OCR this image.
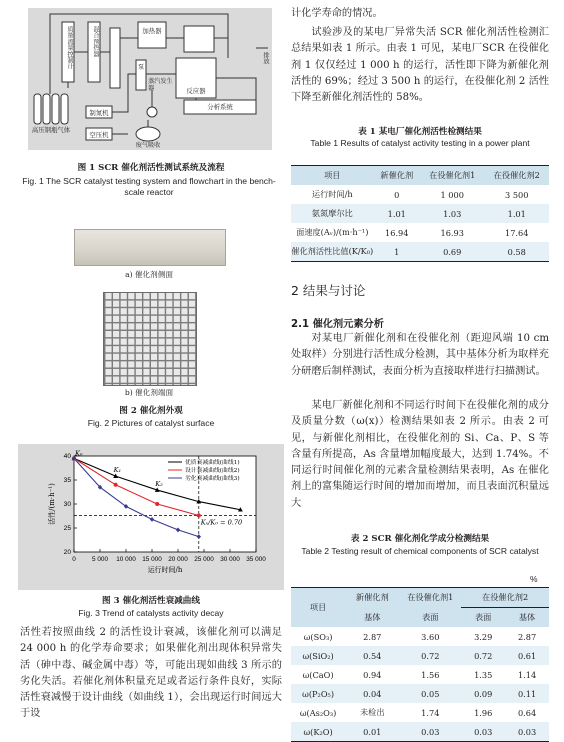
高压钢瓶气体
质量流量控制计	混合预热器
制氮机
空压机
加热器
蒸汽发生器
泵
反应器
废气吸收
分析系统
排放
图 1 SCR 催化剂活性测试系统及流程
Fig. 1 The SCR catalyst testing system and flowchart in the bench-scale reactor
a) 催化剂侧面
b) 催化剂端面
图 2 催化剂外观
Fig. 2 Pictures of catalyst surface
0	5 000 10 000 15 000 20 000 25 000 30 000 35 000
20
25
30
35
40
运行时间/h
活性/(m·h⁻¹)
优质衰减曲线(曲线1)
设计衰减曲线(曲线2)
劣化衰减曲线(曲线3)
K₀
K₁
K₂
Kₓ/K₀ = 0.70
图 3 催化剂活性衰减曲线
Fig. 3 Trend of catalysts activity decay
活性若按照曲线 2 的活性设计衰减，该催化剂可以满足 24 000 h 的化学寿命要求；如果催化剂出现体积异常失活（砷中毒、碱金属中毒）等，可能出现如曲线 3 所示的劣化失活。若催化剂体积量充足或者运行条件良好，实际活性衰减慢于设计曲线（如曲线 1），会出现运行时间远大于设
计化学寿命的情况。
试验涉及的某电厂异常失活 SCR 催化剂活性检测汇总结果如表 1 所示。由表 1 可见，某电厂SCR 在役催化剂 1 仅仅经过 1 000 h 的运行，活性即下降为新催化剂活性的 69%；经过 3 500 h 的运行，在役催化剂 2 活性下降至新催化剂活性的 58%。
表 1 某电厂催化剂活性检测结果
Table 1 Results of catalyst activity testing in a power plant
项目	新催化剂	在役催化剂1	在役催化剂2
运行时间/h	0	1 000	3 500
氨氮摩尔比	1.01	1.03	1.01
面速度(Aᵥ)/(m·h⁻¹)	16.94	16.93	17.64
催化剂活性比值(K/K₀)	1	0.69	0.58
2 结果与讨论
2.1 催化剂元素分析
对某电厂新催化剂和在役催化剂（距迎风端 10 cm 处取样）分别进行活性成分检测，其中基体分析为取样充分研磨后制样测试，表面分析为直接取样进行扫描测试。
某电厂新催化剂和不同运行时间下在役催化剂的成分及质量分数（ω(x)）检测结果如表 2 所示。由表 2 可见，与新催化剂相比，在役催化剂的 Si、Ca、P、S 等含量有所提高，As 含量增加幅度最大，达到 1.74%。不同运行时间催化剂的元素含量检测结果表明，As 在催化剂上的富集随运行时间的增加而增加，而且表面沉积量远大
表 2 SCR 催化剂化学成分检测结果
Table 2 Testing result of chemical components of SCR catalyst
%
项目	新催化剂	在役催化剂1	在役催化剂2	
	基体	表面	表面	基体
ω(SO₃)	2.87	3.60	3.29	2.87
ω(SiO₂)	0.54	0.72	0.72	0.61
ω(CaO)	0.94	1.56	1.35	1.14
ω(P₂O₅)	0.04	0.05	0.09	0.11
ω(As₂O₃)	未检出	1.74	1.96	0.64
ω(K₂O)	0.01	0.03	0.03	0.03
